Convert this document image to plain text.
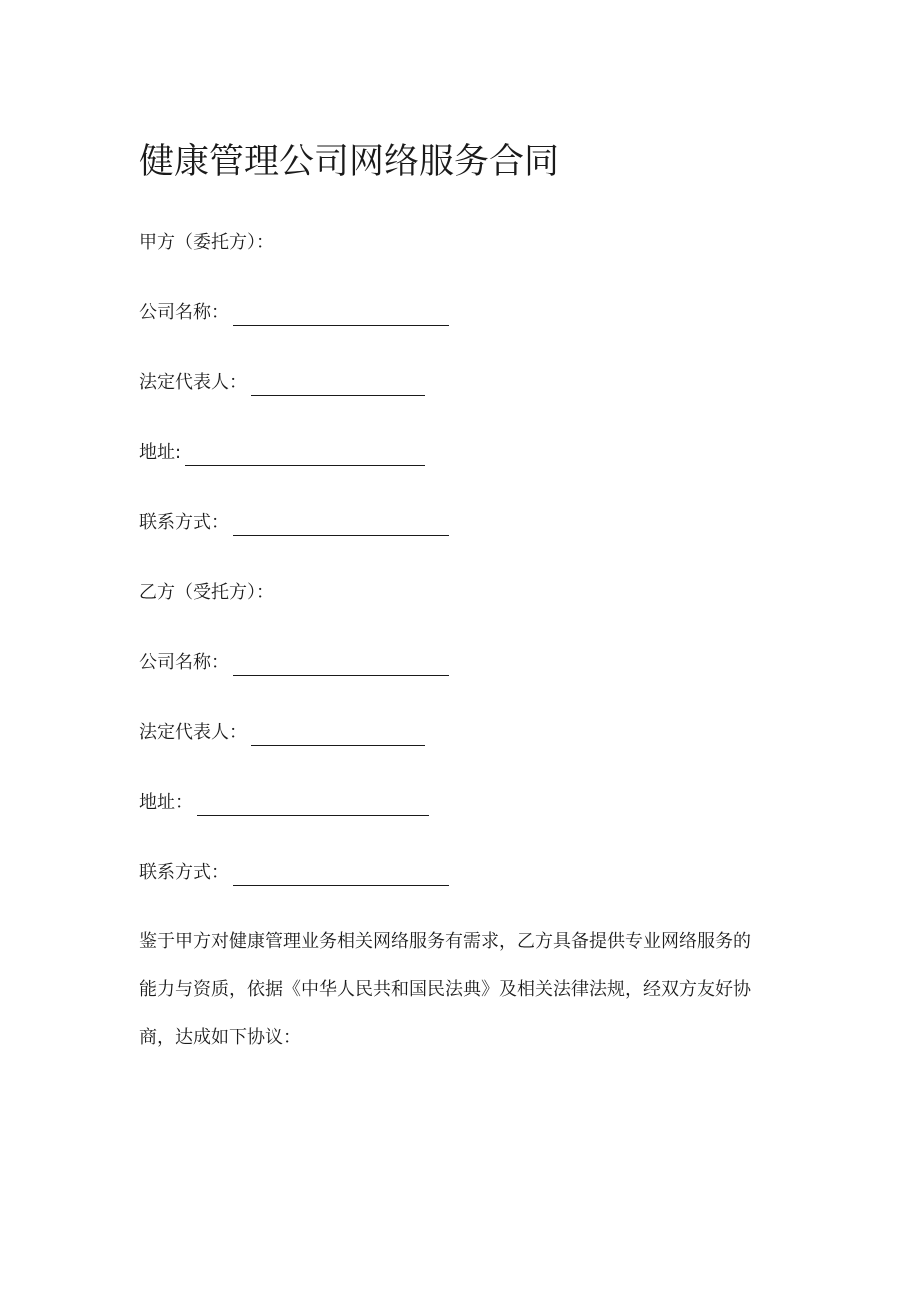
健康管理公司网络服务合同
甲方（委托方）：
公司名称：
法定代表人：
地址:
联系方式：
乙方（受托方）：
公司名称：
法定代表人：
地址：
联系方式：
鉴于甲方对健康管理业务相关网络服务有需求，乙方具备提供专业网络服务的
能力与资质，依据《中华人民共和国民法典》及相关法律法规，经双方友好协
商，达成如下协议：
